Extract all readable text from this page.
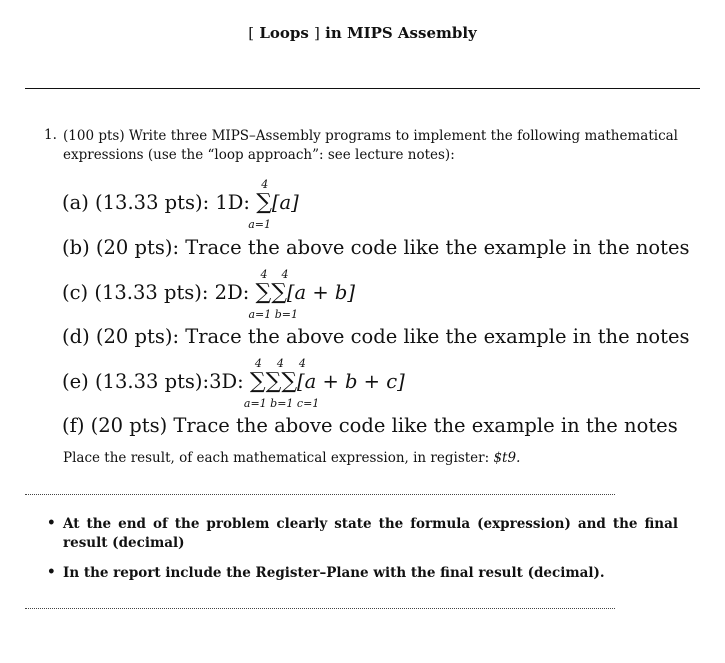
[ Loops ] in MIPS Assembly
1. (100 pts) Write three MIPS–Assembly programs to implement the following mathematical expressions (use the “loop approach”: see lecture notes):
(a) (13.33 pts): 1D: ∑
4
a=1
[a]
(b) (20 pts): Trace the above code like the example in the notes
(c) (13.33 pts): 2D: ∑∑
4 4
a=1 b=1
[a + b]
(d) (20 pts): Trace the above code like the example in the notes
(e) (13.33 pts):3D: ∑∑∑
4 4 4
a=1 b=1 c=1
[a + b + c]
(f) (20 pts) Trace the above code like the example in the notes
Place the result, of each mathematical expression, in register: $t9.
• At the end of the problem clearly state the formula (expression) and the final result (decimal)
• In the report include the Register–Plane with the final result (decimal).
